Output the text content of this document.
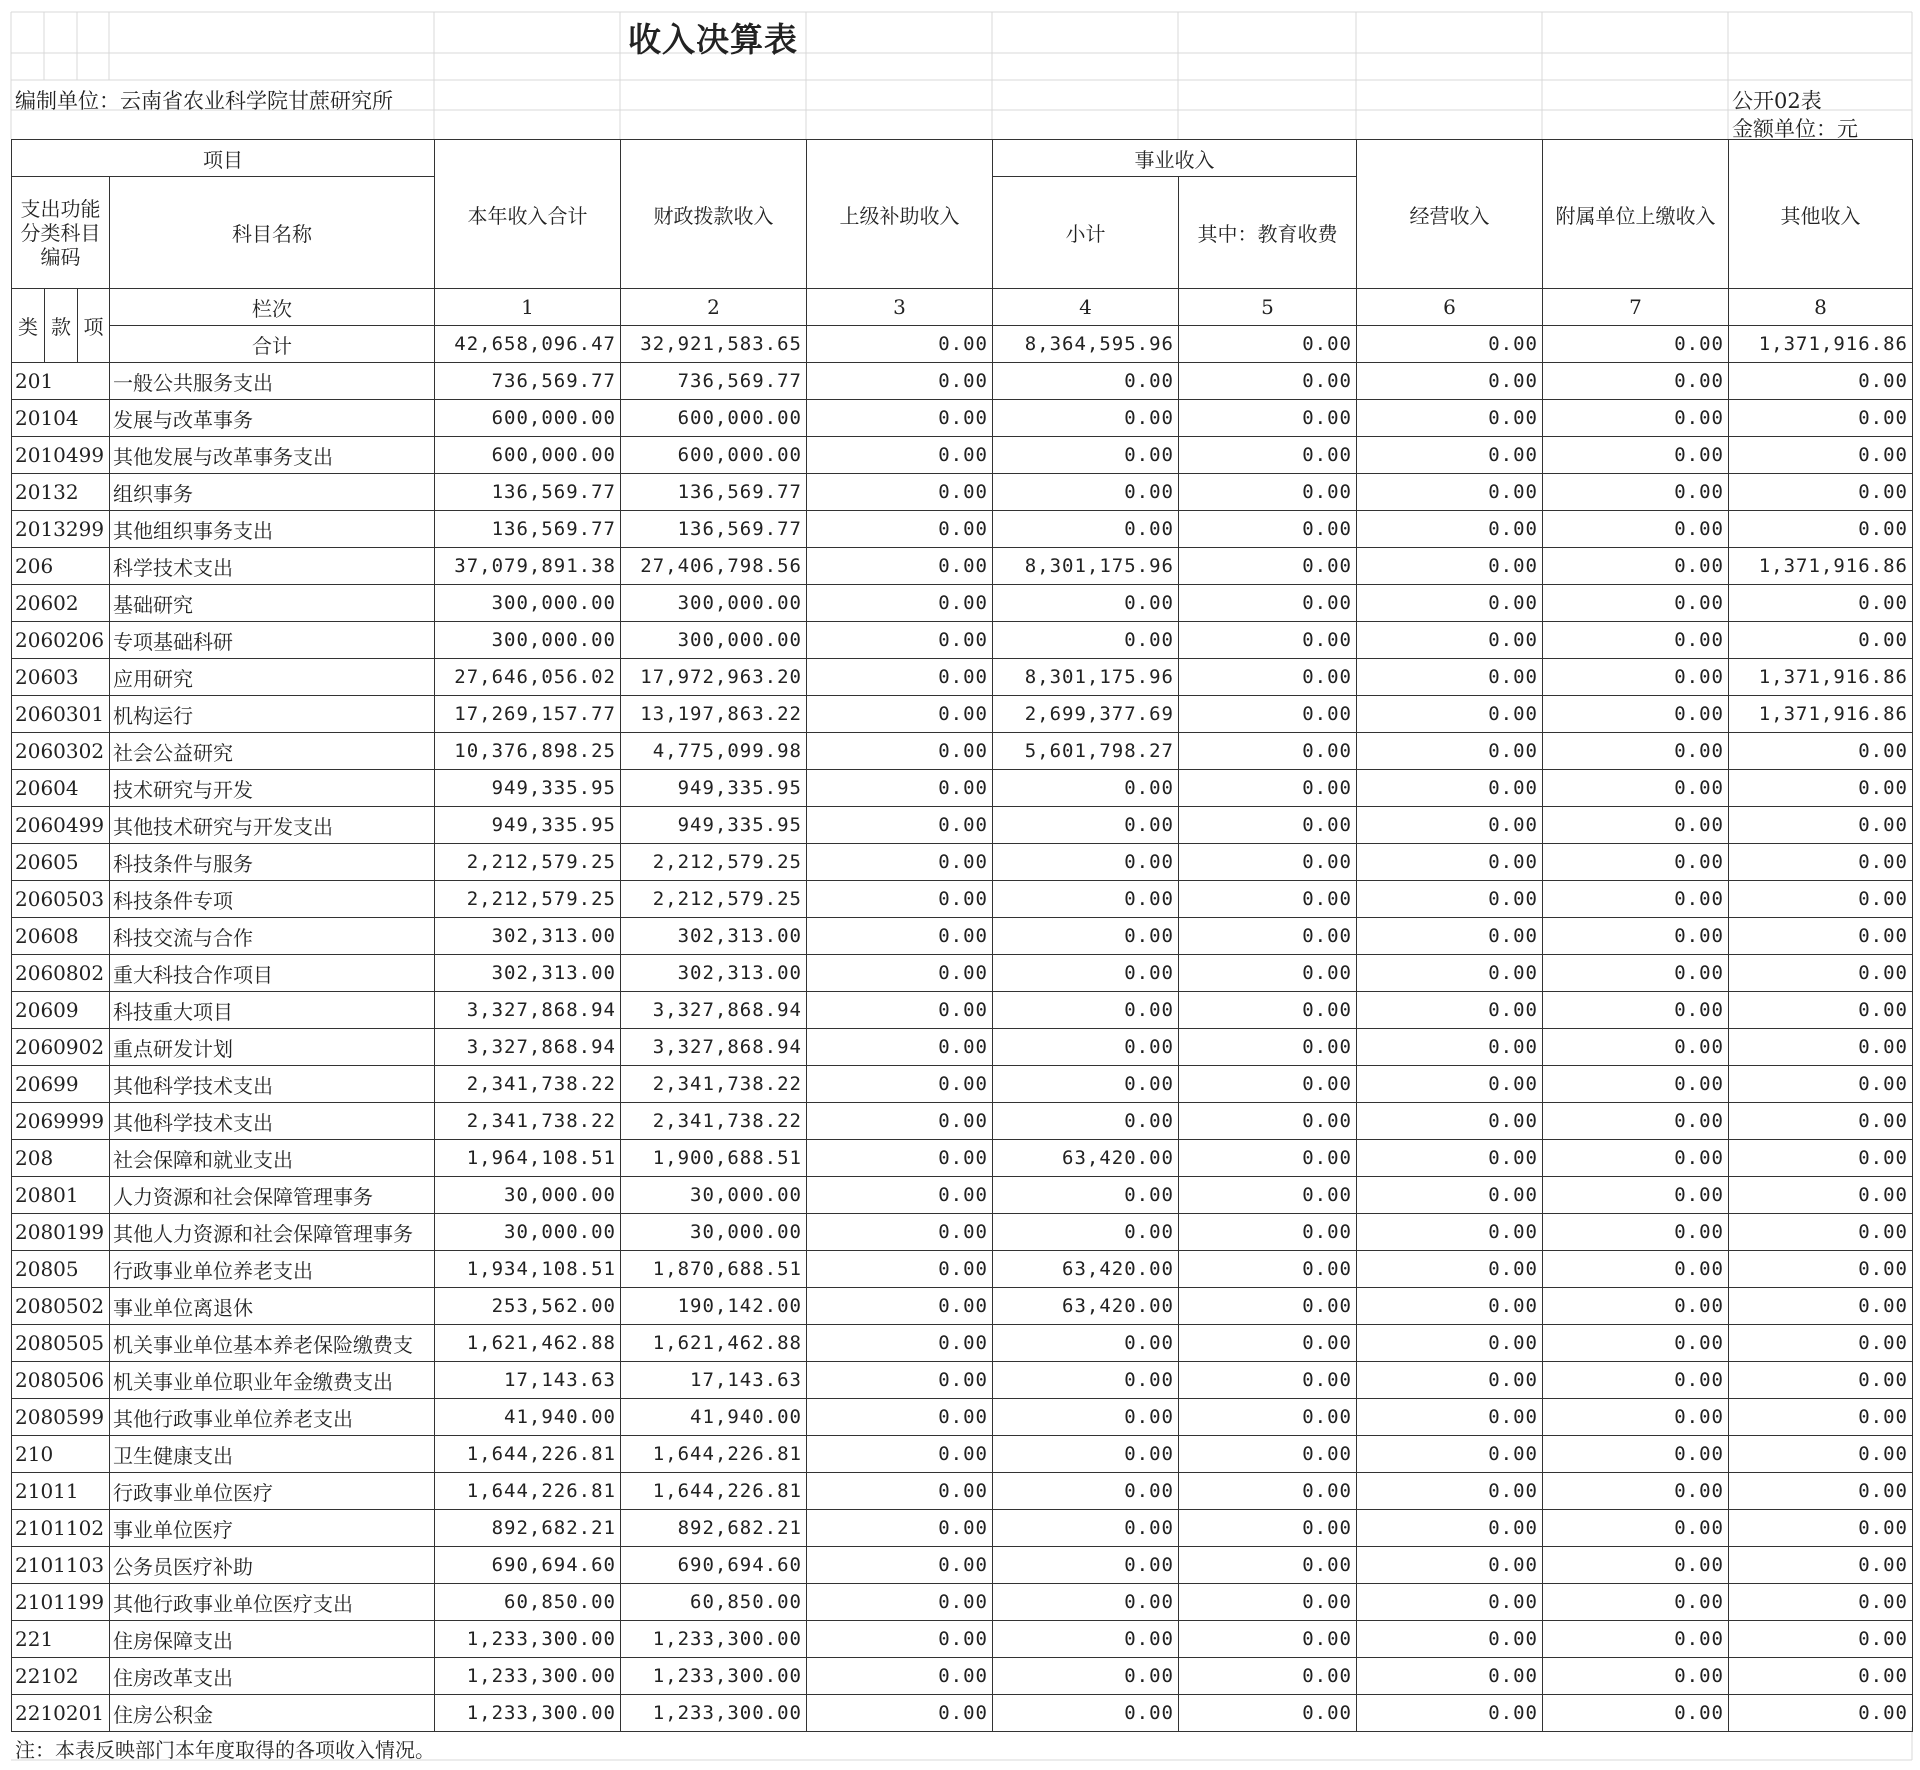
收入决算表
编制单位：云南省农业科学院甘蔗研究所	公开02表
金额单位：元
项目				本年收入合计	财政拨款收入	上级补助收入	事业收入		经营收入	附属单位上缴收入	其他收入
支出功能分类科目编码			科目名称				小计	其中：教育收费			
类	款	项	栏次	1	2	3	4	5	6	7	8
			合计	42,658,096.47	32,921,583.65	0.00	8,364,595.96	0.00	0.00	0.00	1,371,916.86
201			一般公共服务支出	736,569.77	736,569.77	0.00	0.00	0.00	0.00	0.00	0.00
20104			发展与改革事务	600,000.00	600,000.00	0.00	0.00	0.00	0.00	0.00	0.00
2010499			其他发展与改革事务支出	600,000.00	600,000.00	0.00	0.00	0.00	0.00	0.00	0.00
20132			组织事务	136,569.77	136,569.77	0.00	0.00	0.00	0.00	0.00	0.00
2013299			其他组织事务支出	136,569.77	136,569.77	0.00	0.00	0.00	0.00	0.00	0.00
206			科学技术支出	37,079,891.38	27,406,798.56	0.00	8,301,175.96	0.00	0.00	0.00	1,371,916.86
20602			基础研究	300,000.00	300,000.00	0.00	0.00	0.00	0.00	0.00	0.00
2060206			专项基础科研	300,000.00	300,000.00	0.00	0.00	0.00	0.00	0.00	0.00
20603			应用研究	27,646,056.02	17,972,963.20	0.00	8,301,175.96	0.00	0.00	0.00	1,371,916.86
2060301			机构运行	17,269,157.77	13,197,863.22	0.00	2,699,377.69	0.00	0.00	0.00	1,371,916.86
2060302			社会公益研究	10,376,898.25	4,775,099.98	0.00	5,601,798.27	0.00	0.00	0.00	0.00
20604			技术研究与开发	949,335.95	949,335.95	0.00	0.00	0.00	0.00	0.00	0.00
2060499			其他技术研究与开发支出	949,335.95	949,335.95	0.00	0.00	0.00	0.00	0.00	0.00
20605			科技条件与服务	2,212,579.25	2,212,579.25	0.00	0.00	0.00	0.00	0.00	0.00
2060503			科技条件专项	2,212,579.25	2,212,579.25	0.00	0.00	0.00	0.00	0.00	0.00
20608			科技交流与合作	302,313.00	302,313.00	0.00	0.00	0.00	0.00	0.00	0.00
2060802			重大科技合作项目	302,313.00	302,313.00	0.00	0.00	0.00	0.00	0.00	0.00
20609			科技重大项目	3,327,868.94	3,327,868.94	0.00	0.00	0.00	0.00	0.00	0.00
2060902			重点研发计划	3,327,868.94	3,327,868.94	0.00	0.00	0.00	0.00	0.00	0.00
20699			其他科学技术支出	2,341,738.22	2,341,738.22	0.00	0.00	0.00	0.00	0.00	0.00
2069999			其他科学技术支出	2,341,738.22	2,341,738.22	0.00	0.00	0.00	0.00	0.00	0.00
208			社会保障和就业支出	1,964,108.51	1,900,688.51	0.00	63,420.00	0.00	0.00	0.00	0.00
20801			人力资源和社会保障管理事务	30,000.00	30,000.00	0.00	0.00	0.00	0.00	0.00	0.00
2080199			其他人力资源和社会保障管理事务	30,000.00	30,000.00	0.00	0.00	0.00	0.00	0.00	0.00
20805			行政事业单位养老支出	1,934,108.51	1,870,688.51	0.00	63,420.00	0.00	0.00	0.00	0.00
2080502			事业单位离退休	253,562.00	190,142.00	0.00	63,420.00	0.00	0.00	0.00	0.00
2080505			机关事业单位基本养老保险缴费支	1,621,462.88	1,621,462.88	0.00	0.00	0.00	0.00	0.00	0.00
2080506			机关事业单位职业年金缴费支出	17,143.63	17,143.63	0.00	0.00	0.00	0.00	0.00	0.00
2080599			其他行政事业单位养老支出	41,940.00	41,940.00	0.00	0.00	0.00	0.00	0.00	0.00
210			卫生健康支出	1,644,226.81	1,644,226.81	0.00	0.00	0.00	0.00	0.00	0.00
21011			行政事业单位医疗	1,644,226.81	1,644,226.81	0.00	0.00	0.00	0.00	0.00	0.00
2101102			事业单位医疗	892,682.21	892,682.21	0.00	0.00	0.00	0.00	0.00	0.00
2101103			公务员医疗补助	690,694.60	690,694.60	0.00	0.00	0.00	0.00	0.00	0.00
2101199			其他行政事业单位医疗支出	60,850.00	60,850.00	0.00	0.00	0.00	0.00	0.00	0.00
221			住房保障支出	1,233,300.00	1,233,300.00	0.00	0.00	0.00	0.00	0.00	0.00
22102			住房改革支出	1,233,300.00	1,233,300.00	0.00	0.00	0.00	0.00	0.00	0.00
2210201			住房公积金	1,233,300.00	1,233,300.00	0.00	0.00	0.00	0.00	0.00	0.00
注：本表反映部门本年度取得的各项收入情况。
